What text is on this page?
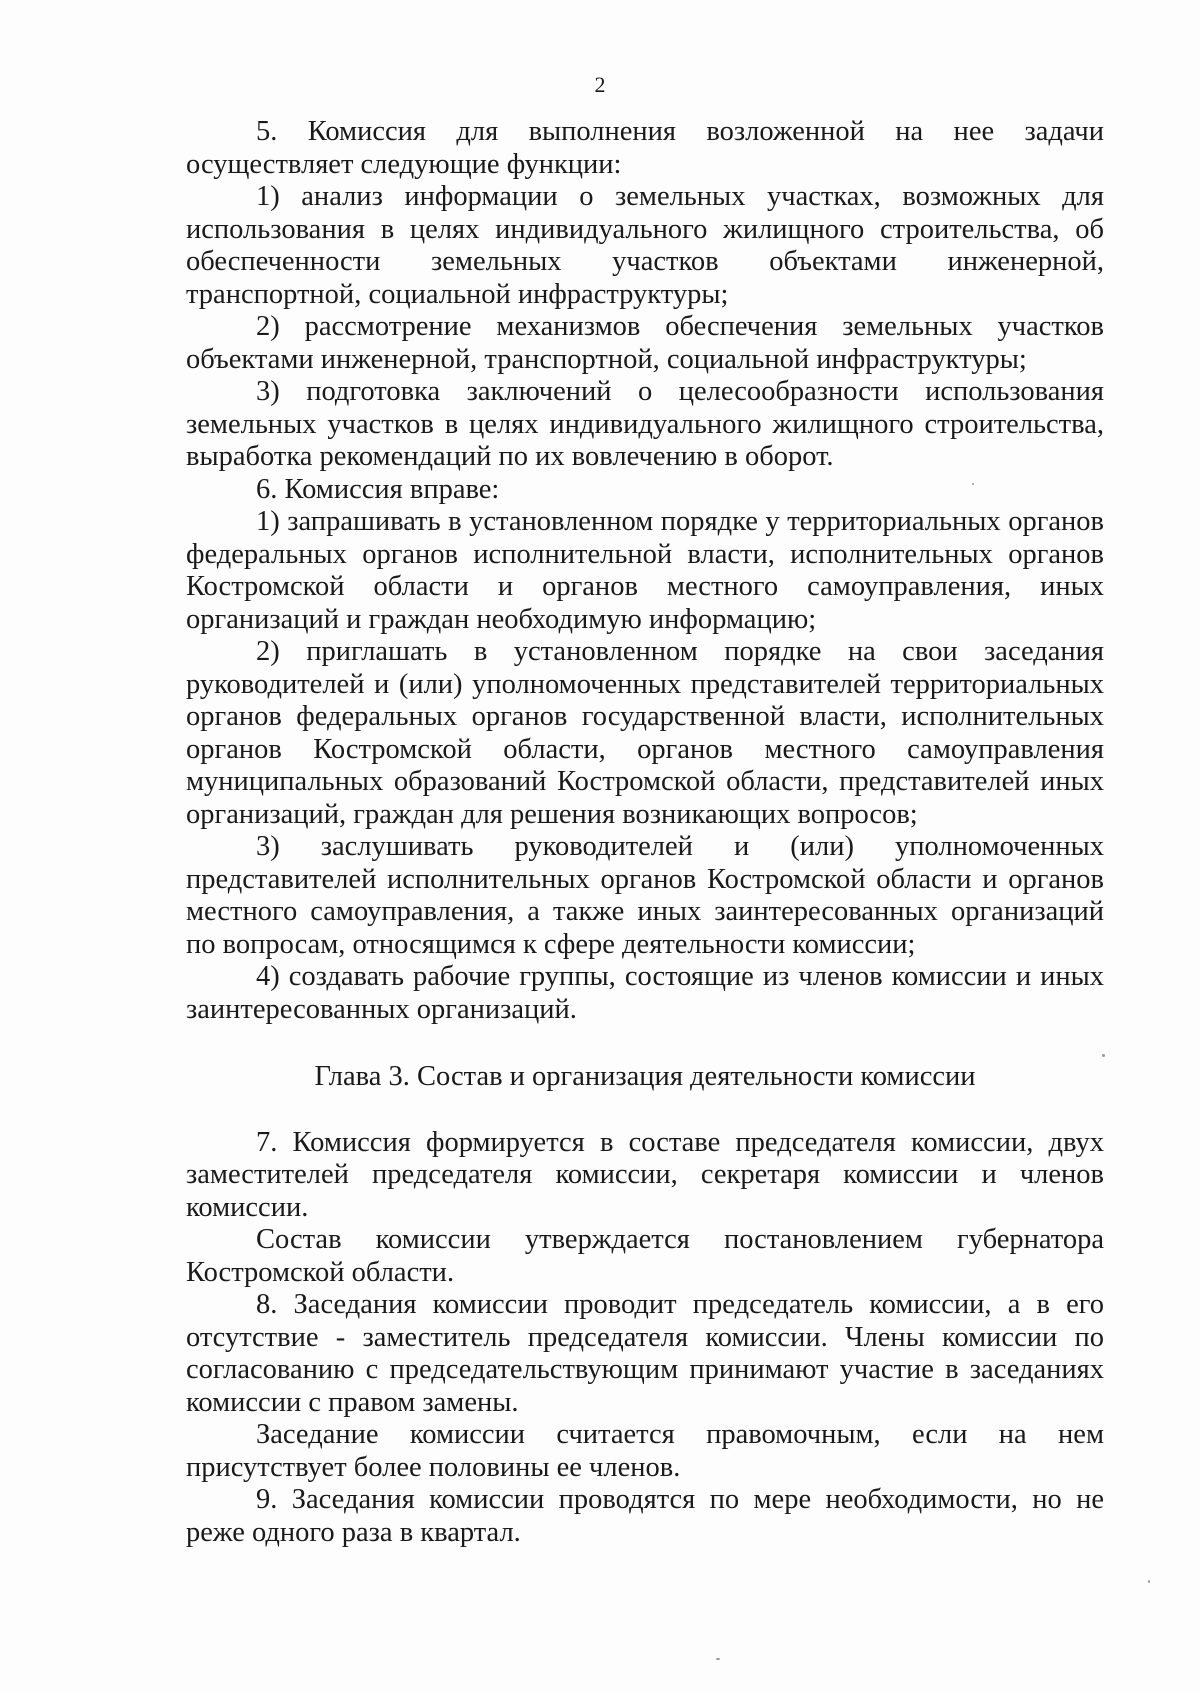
2

5. Комиссия для выполнения возложенной на нее задачи осуществляет следующие функции:

1) анализ информации о земельных участках, возможных для использования в целях индивидуального жилищного строительства, об обеспеченности земельных участков объектами инженерной, транспортной, социальной инфраструктуры;

2) рассмотрение механизмов обеспечения земельных участков объектами инженерной, транспортной, социальной инфраструктуры;

3) подготовка заключений о целесообразности использования земельных участков в целях индивидуального жилищного строительства, выработка рекомендаций по их вовлечению в оборот.

6. Комиссия вправе:

1) запрашивать в установленном порядке у территориальных органов федеральных органов исполнительной власти, исполнительных органов Костромской области и органов местного самоуправления, иных организаций и граждан необходимую информацию;

2) приглашать в установленном порядке на свои заседания руководителей и (или) уполномоченных представителей территориальных органов федеральных органов государственной власти, исполнительных органов Костромской области, органов местного самоуправления муниципальных образований Костромской области, представителей иных организаций, граждан для решения возникающих вопросов;

3) заслушивать руководителей и (или) уполномоченных представителей исполнительных органов Костромской области и органов местного самоуправления, а также иных заинтересованных организаций по вопросам, относящимся к сфере деятельности комиссии;

4) создавать рабочие группы, состоящие из членов комиссии и иных заинтересованных организаций.

Глава 3. Состав и организация деятельности комиссии

7. Комиссия формируется в составе председателя комиссии, двух заместителей председателя комиссии, секретаря комиссии и членов комиссии.

Состав комиссии утверждается постановлением губернатора Костромской области.

8. Заседания комиссии проводит председатель комиссии, а в его отсутствие - заместитель председателя комиссии. Члены комиссии по согласованию с председательствующим принимают участие в заседаниях комиссии с правом замены.

Заседание комиссии считается правомочным, если на нем присутствует более половины ее членов.

9. Заседания комиссии проводятся по мере необходимости, но не реже одного раза в квартал.
